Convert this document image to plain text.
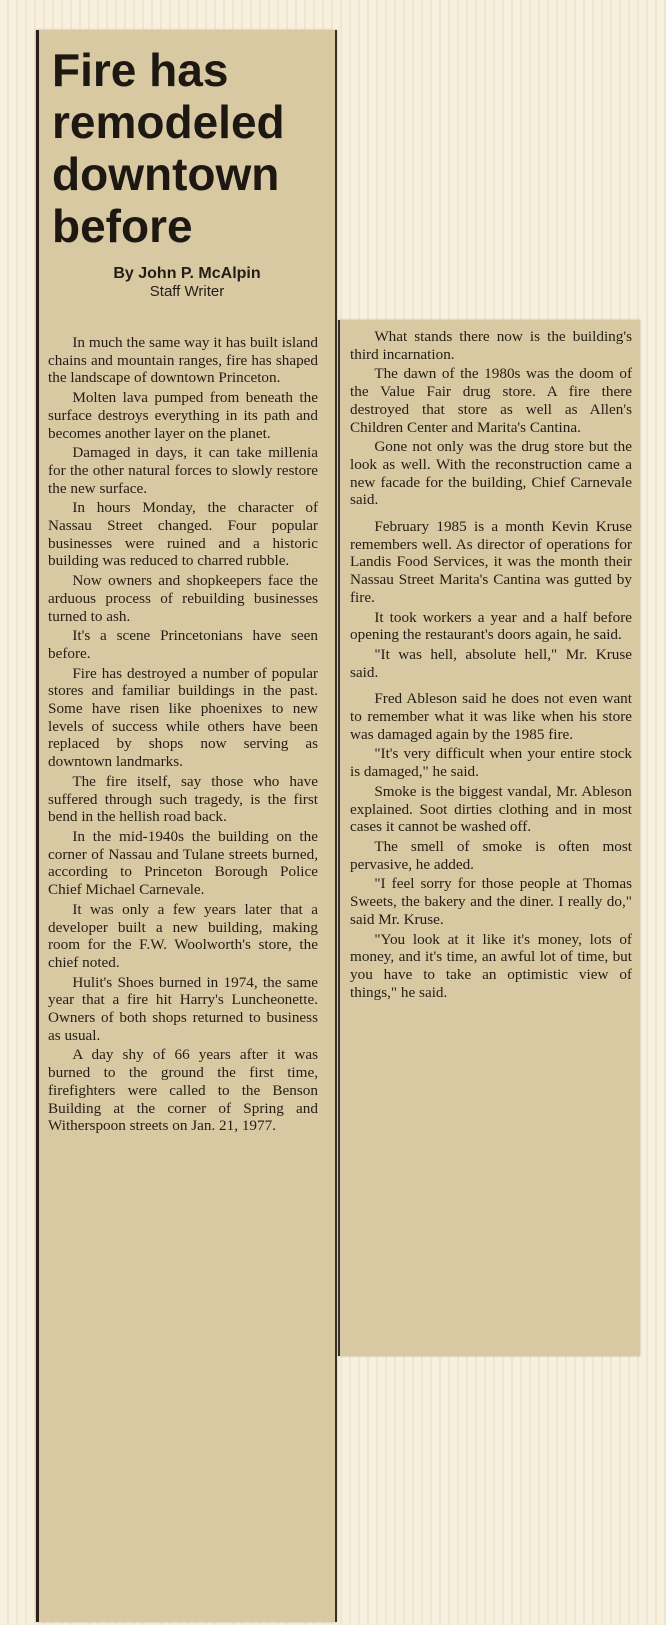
Fire has
remodeled
downtown
before
By John P. McAlpin
Staff Writer

In much the same way it has built island chains and mountain ranges, fire has shaped the landscape of downtown Princeton.

Molten lava pumped from beneath the surface destroys everything in its path and becomes another layer on the planet.

Damaged in days, it can take millenia for the other natural forces to slowly restore the new surface.

In hours Monday, the character of Nassau Street changed. Four popular businesses were ruined and a historic building was reduced to charred rubble.

Now owners and shopkeepers face the arduous process of rebuilding businesses turned to ash.

It's a scene Princetonians have seen before.

Fire has destroyed a number of popular stores and familiar buildings in the past. Some have risen like phoenixes to new levels of success while others have been replaced by shops now serving as downtown landmarks.

The fire itself, say those who have suffered through such tragedy, is the first bend in the hellish road back.

In the mid-1940s the building on the corner of Nassau and Tulane streets burned, according to Princeton Borough Police Chief Michael Carnevale.

It was only a few years later that a developer built a new building, making room for the F.W. Woolworth's store, the chief noted.

Hulit's Shoes burned in 1974, the same year that a fire hit Harry's Luncheonette. Owners of both shops returned to business as usual.

A day shy of 66 years after it was burned to the ground the first time, firefighters were called to the Benson Building at the corner of Spring and Witherspoon streets on Jan. 21, 1977.

What stands there now is the building's third incarnation.

The dawn of the 1980s was the doom of the Value Fair drug store. A fire there destroyed that store as well as Allen's Children Center and Marita's Cantina.

Gone not only was the drug store but the look as well. With the reconstruction came a new facade for the building, Chief Carnevale said.

February 1985 is a month Kevin Kruse remembers well. As director of operations for Landis Food Services, it was the month their Nassau Street Marita's Cantina was gutted by fire.

It took workers a year and a half before opening the restaurant's doors again, he said.

"It was hell, absolute hell," Mr. Kruse said.

Fred Ableson said he does not even want to remember what it was like when his store was damaged again by the 1985 fire.

"It's very difficult when your entire stock is damaged," he said.

Smoke is the biggest vandal, Mr. Ableson explained. Soot dirties clothing and in most cases it cannot be washed off.

The smell of smoke is often most pervasive, he added.

"I feel sorry for those people at Thomas Sweets, the bakery and the diner. I really do," said Mr. Kruse.

"You look at it like it's money, lots of money, and it's time, an awful lot of time, but you have to take an optimistic view of things," he said.
